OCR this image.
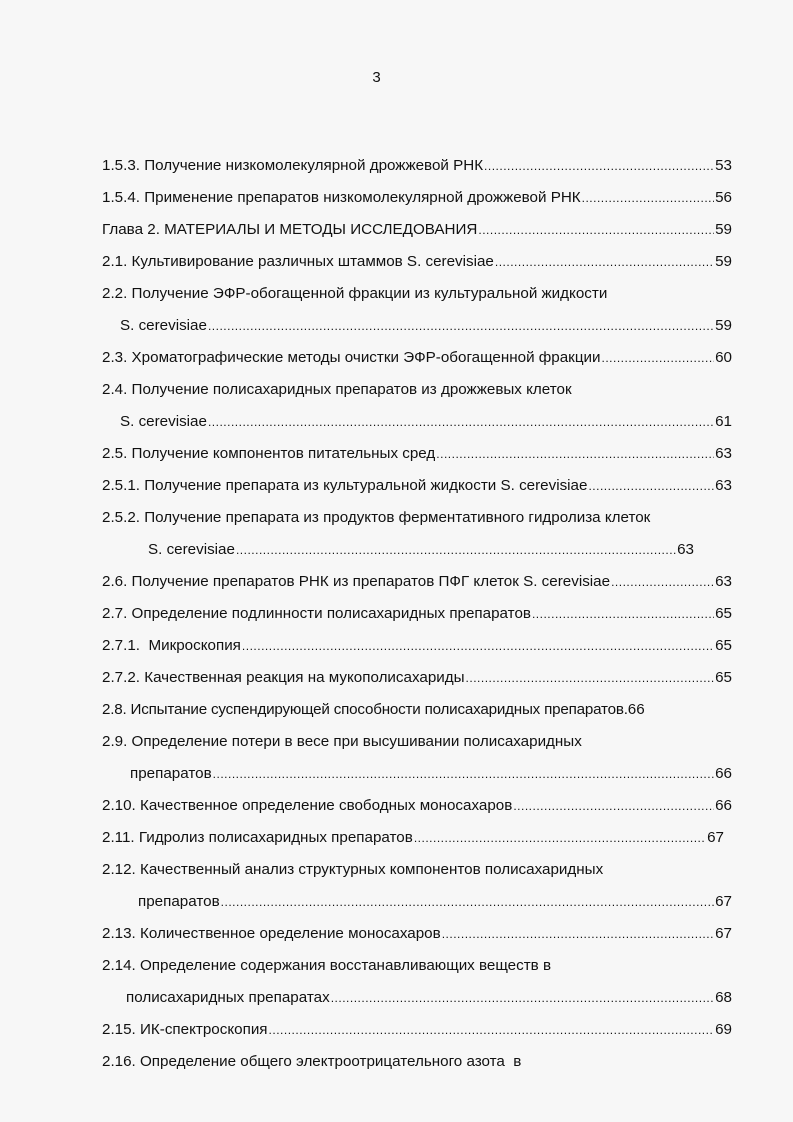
3
1.5.3. Получение низкомолекулярной дрожжевой РНК .....	53
1.5.4. Применение препаратов низкомолекулярной дрожжевой РНК .....	56
Глава 2. МАТЕРИАЛЫ И МЕТОДЫ ИССЛЕДОВАНИЯ .....	59
2.1. Культивирование различных штаммов S. cerevisiae .....	59
2.2. Получение ЭФР-обогащенной фракции из культуральной жидкости
S. cerevisiae .....	59
2.3. Хроматографические методы очистки ЭФР-обогащенной фракции .....	60
2.4. Получение полисахаридных препаратов из дрожжевых клеток
S. cerevisiae .....	61
2.5. Получение компонентов питательных сред .....	63
2.5.1. Получение препарата из культуральной жидкости S. cerevisiae .....	63
2.5.2. Получение препарата из продуктов ферментативного гидролиза клеток
S. cerevisiae .....	63
2.6. Получение препаратов РНК из препаратов ПФГ клеток S. cerevisiae .....	63
2.7. Определение подлинности полисахаридных препаратов .....	65
2.7.1.  Микроскопия .....	65
2.7.2. Качественная реакция на мукополисахариды .....	65
2.8. Испытание суспендирующей способности полисахаридных препаратов. 66
2.9. Определение потери в весе при высушивании полисахаридных
препаратов .....	66
2.10. Качественное определение свободных моносахаров .....	66
2.11. Гидролиз полисахаридных препаратов .....	67
2.12. Качественный анализ структурных компонентов полисахаридных
препаратов .....	67
2.13. Количественное оределение моносахаров .....	67
2.14. Определение содержания восстанавливающих веществ в
полисахаридных препаратах .....	68
2.15. ИК-спектроскопия .....	69
2.16. Определение общего электроотрицательного азота  в
